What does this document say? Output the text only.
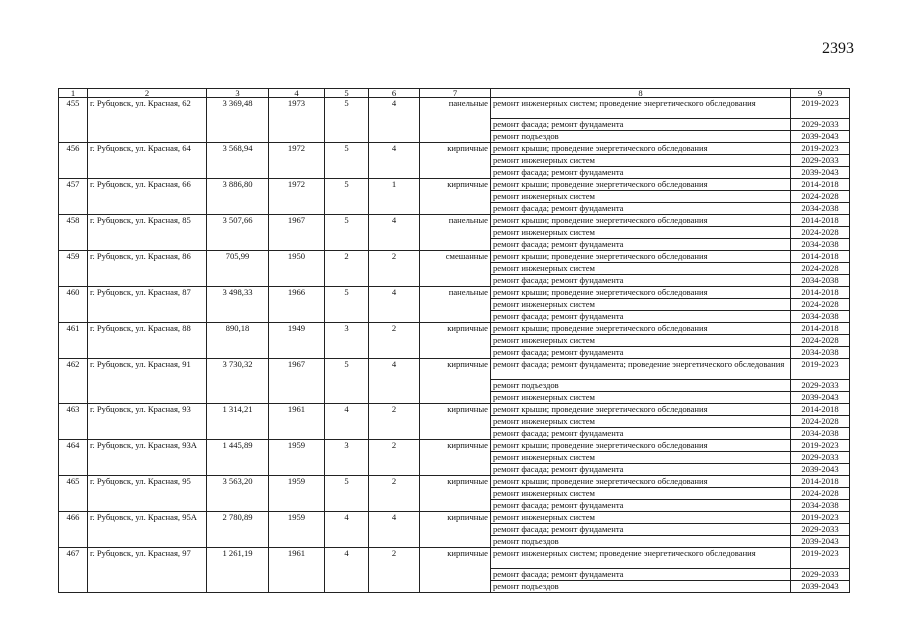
2393
1	2	3	4	5	6	7	8	9
455	г. Рубцовск, ул. Красная, 62	3 369,48	1973	5	4	панельные	ремонт инженерных систем; проведение энергетического обследования	2019-2023
							ремонт фасада; ремонт фундамента	2029-2033
							ремонт подъездов	2039-2043
456	г. Рубцовск, ул. Красная, 64	3 568,94	1972	5	4	кирпичные	ремонт крыши; проведение энергетического обследования	2019-2023
							ремонт инженерных систем	2029-2033
							ремонт фасада; ремонт фундамента	2039-2043
457	г. Рубцовск, ул. Красная, 66	3 886,80	1972	5	1	кирпичные	ремонт крыши; проведение энергетического обследования	2014-2018
							ремонт инженерных систем	2024-2028
							ремонт фасада; ремонт фундамента	2034-2038
458	г. Рубцовск, ул. Красная, 85	3 507,66	1967	5	4	панельные	ремонт крыши; проведение энергетического обследования	2014-2018
							ремонт инженерных систем	2024-2028
							ремонт фасада; ремонт фундамента	2034-2038
459	г. Рубцовск, ул. Красная, 86	705,99	1950	2	2	смешанные	ремонт крыши; проведение энергетического обследования	2014-2018
							ремонт инженерных систем	2024-2028
							ремонт фасада; ремонт фундамента	2034-2038
460	г. Рубцовск, ул. Красная, 87	3 498,33	1966	5	4	панельные	ремонт крыши; проведение энергетического обследования	2014-2018
							ремонт инженерных систем	2024-2028
							ремонт фасада; ремонт фундамента	2034-2038
461	г. Рубцовск, ул. Красная, 88	890,18	1949	3	2	кирпичные	ремонт крыши; проведение энергетического обследования	2014-2018
							ремонт инженерных систем	2024-2028
							ремонт фасада; ремонт фундамента	2034-2038
462	г. Рубцовск, ул. Красная, 91	3 730,32	1967	5	4	кирпичные	ремонт фасада; ремонт фундамента; проведение энергетического обследования	2019-2023
							ремонт подъездов	2029-2033
							ремонт инженерных систем	2039-2043
463	г. Рубцовск, ул. Красная, 93	1 314,21	1961	4	2	кирпичные	ремонт крыши; проведение энергетического обследования	2014-2018
							ремонт инженерных систем	2024-2028
							ремонт фасада; ремонт фундамента	2034-2038
464	г. Рубцовск, ул. Красная, 93А	1 445,89	1959	3	2	кирпичные	ремонт крыши; проведение энергетического обследования	2019-2023
							ремонт инженерных систем	2029-2033
							ремонт фасада; ремонт фундамента	2039-2043
465	г. Рубцовск, ул. Красная, 95	3 563,20	1959	5	2	кирпичные	ремонт крыши; проведение энергетического обследования	2014-2018
							ремонт инженерных систем	2024-2028
							ремонт фасада; ремонт фундамента	2034-2038
466	г. Рубцовск, ул. Красная, 95А	2 780,89	1959	4	4	кирпичные	ремонт инженерных систем	2019-2023
							ремонт фасада; ремонт фундамента	2029-2033
							ремонт подъездов	2039-2043
467	г. Рубцовск, ул. Красная, 97	1 261,19	1961	4	2	кирпичные	ремонт инженерных систем; проведение энергетического обследования	2019-2023
							ремонт фасада; ремонт фундамента	2029-2033
							ремонт подъездов	2039-2043
